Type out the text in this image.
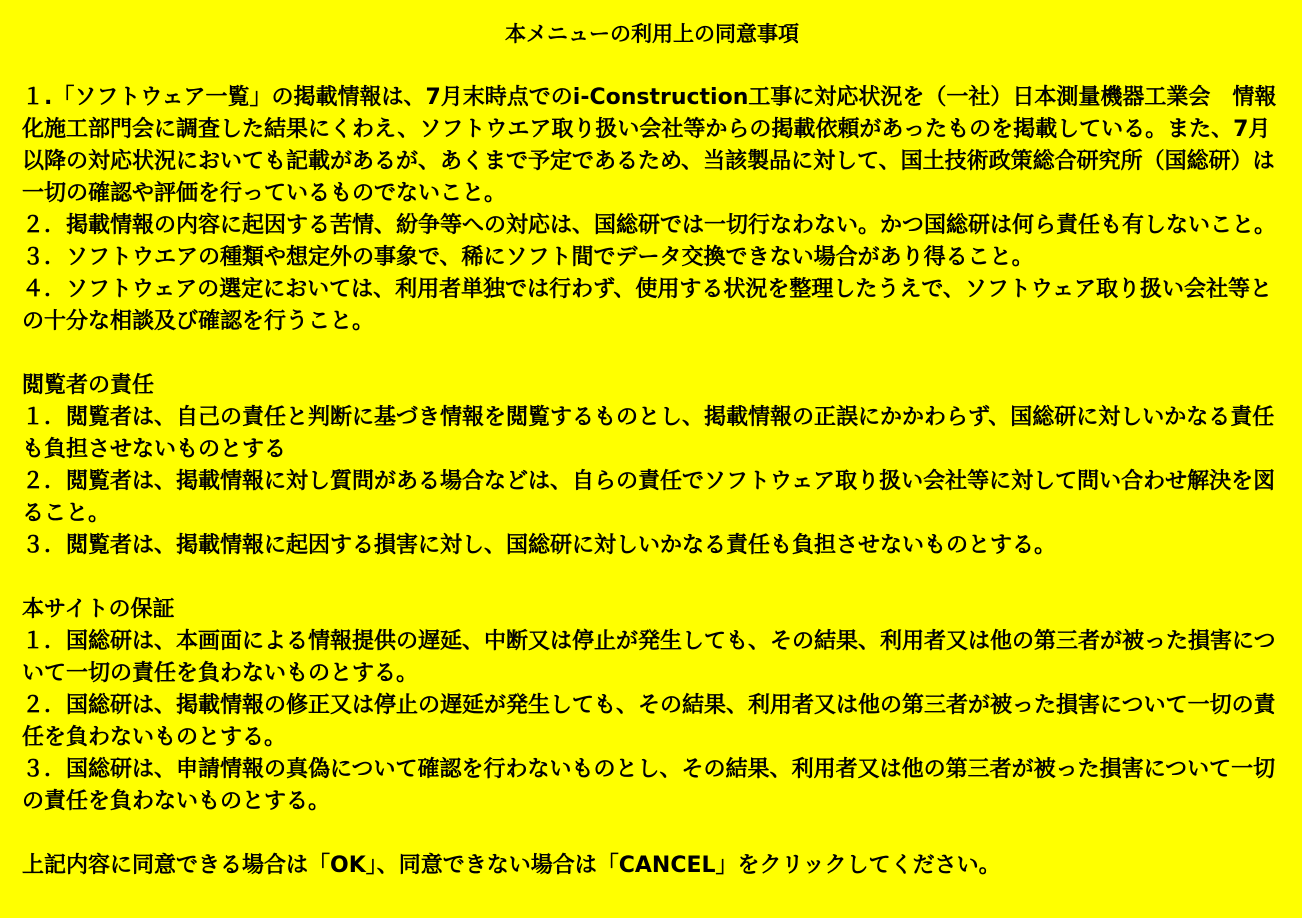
本メニューの利用上の同意事項

１.「ソフトウェア一覧」の掲載情報は、7月末時点でのi-Construction工事に対応状況を（一社）日本測量機器工業会　情報化施工部門会に調査した結果にくわえ、ソフトウエア取り扱い会社等からの掲載依頼があったものを掲載している。また、7月以降の対応状況においても記載があるが、あくまで予定であるため、当該製品に対して、国土技術政策総合研究所（国総研）は一切の確認や評価を行っているものでないこと。

２．掲載情報の内容に起因する苦情、紛争等への対応は、国総研では一切行なわない。かつ国総研は何ら責任も有しないこと。

３．ソフトウエアの種類や想定外の事象で、稀にソフト間でデータ交換できない場合があり得ること。

４．ソフトウェアの選定においては、利用者単独では行わず、使用する状況を整理したうえで、ソフトウェア取り扱い会社等との十分な相談及び確認を行うこと。

閲覧者の責任

１．閲覧者は、自己の責任と判断に基づき情報を閲覧するものとし、掲載情報の正誤にかかわらず、国総研に対しいかなる責任も負担させないものとする

２．閲覧者は、掲載情報に対し質問がある場合などは、自らの責任でソフトウェア取り扱い会社等に対して問い合わせ解決を図ること。

３．閲覧者は、掲載情報に起因する損害に対し、国総研に対しいかなる責任も負担させないものとする。

本サイトの保証

１．国総研は、本画面による情報提供の遅延、中断又は停止が発生しても、その結果、利用者又は他の第三者が被った損害について一切の責任を負わないものとする。

２．国総研は、掲載情報の修正又は停止の遅延が発生しても、その結果、利用者又は他の第三者が被った損害について一切の責任を負わないものとする。

３．国総研は、申請情報の真偽について確認を行わないものとし、その結果、利用者又は他の第三者が被った損害について一切の責任を負わないものとする。

上記内容に同意できる場合は「OK」、同意できない場合は「CANCEL」をクリックしてください。
